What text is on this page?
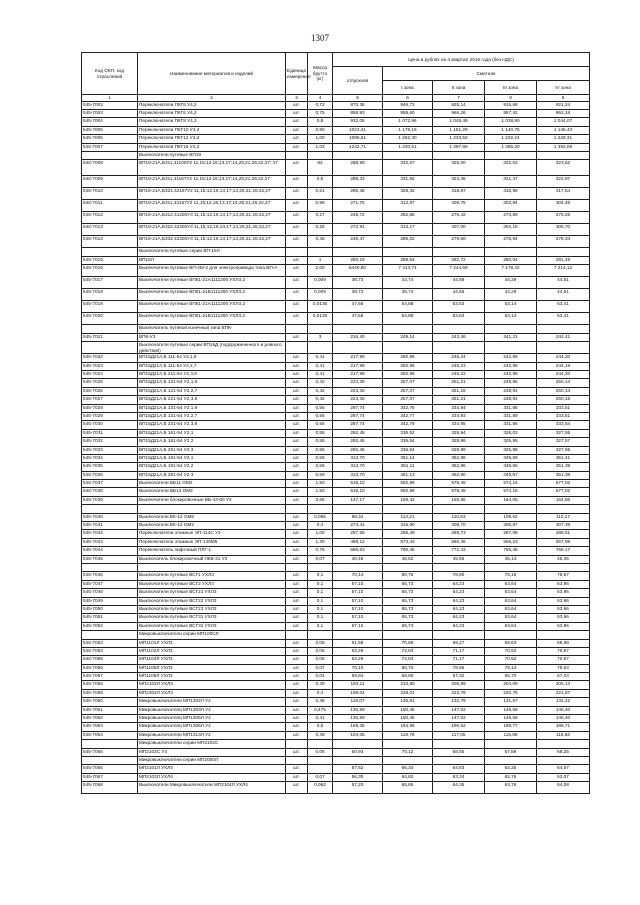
1307
Код ОКП, код отраслевой	Наименование материалов и изделий	Единица измерения	Масса брутто (кг)	Цена в рублях на 4 квартал 2015 года (без НДС)				
				отпускная	Сметная			
					I зона	II зона	III зона	IV зона
1	2	3	4	5	6	7	8	9
545-7002	Переключатели ПКГ6 У4,2	шт.	0,72	870,38	946,73	925,14	915,68	921,24
545-7003	Переключатели ПКГ6 У4,2	шт.	0,75	858,93	958,60	966,26	957,42	962,18
545-7004	Переключатели ПКГ8 У4,2	шт.	0,8	932,05	1 072,96	1 048,49	1 038,90	1 044,07
545-7005	Переключатели ПКГ10 У4,2	шт.	0,90	1023,41	1 178,15	1 151,29	1 140,75	1 146,43
545-7006	Переключатели ПКГ12 У4,2	шт.	1,00	1096,51	1 262,30	1 233,52	1 222,24	1 228,31
545-7007	Переключатели ПКГ16 У4,2	шт.	1,03	1242,71	1 430,61	1 397,89	1 385,20	1 392,09
	Выключатели путевые ВП19							
545-7008	ВП19-21А,Б311,41100У2 11,15;12,16;13,17;14,25;21,26;22,27; 37	шт.	82	288,90	332,57	325,00	322,02	323,62
545-7009	ВП19-21А,Б311,41167У2 11,15;12,16;13,17;14,25;21,26;22,27	шт.	0,5	288,33	331,92	324,35	321,37	322,97
545-7010	ВП19-21А,Б321,42167У2 11,15;12,16;13,17;14,25;21,26;22,27	шт.	0,51	285,48	328,32	318,87	316,96	317,54
545-7011	ВП19-21А,Б311,43167У2 11,15;12,16;13,17;14,25;21,26;22,27	шт.	0,98	271,76	312,87	305,75	302,94	304,45
545-7012	ВП19-21А,Б312,41200У3 11,15;12,16;13,17;14,25;21,26;22,27	шт.	0,27	245,72	282,86	276,42	273,89	275,25
545-7013	ВП19-21А,Б322,42200У3 11,15;12,16;13,17;14,25;21,26;22,27	шт.	0,28	272,91	314,17	307,00	304,19	305,70
545-7014	ВП19-21А,Б332,42200У3 11,15;12,16;13,17;14,25;21,26;22,27	шт.	0,35	248,47	286,02	279,50	276,94	278,33
	Выключатели путевые серии ВП-16Л							
545-7015	ВП16Л	шт.	1	250,19	288,64	282,72	280,04	281,49
545-7016	Выключатели путевые ВП-4М-2 для электропривода типа ВП-А	шт.	2,00	6440,80	7 413,74	7 244,69	7 178,42	7 214,12
545-7017	Выключатели путевые ВП61-21А1111200 УХЛ3,2	шт.	0,009	38,73	43,74	44,89	44,29	44,51
545-7018	Выключатели путевые ВП61-21Б1111200 УХЛ3,2	шт.	0,009	39,73	45,74	44,66	44,29	44,51
545-7019	Выключатели путевые ВП61-21А1111200 УХЛ3,2	шт.	0,0135	47,68	54,88	53,63	53,14	53,41
545-7020	Выключатели путевые ВП61-21Б1111200 УХЛ3,2	шт.	0,0135	47,68	54,88	53,63	53,14	53,41
	Выключатель путевой конечный типа ВПК-							
545-7021	ВПК-У3	шт.	3	216,40	249,14	243,46	241,21	242,41
	Выключатели путевые серии ВП15Д (подпружиненного и ровного действия)							
545-7022	ВП15Д21А,Б 111-54 У2,1,6	шт.	0,41	217,99	250,96	245,24	242,99	244,20
545-7023	ВП15Д21А,Б 111-54 У2,2,7	шт.	0,41	217,99	250,96	245,23	242,99	244,18
545-7024	ВП15Д21А,Б 211-54 У2,3,8	шт.	0,41	217,99	250,96	245,22	242,98	244,20
545-7025	ВП15Д21А,Б 121-54 У2,1,6	шт.	0,42	223,39	257,07	251,21	248,85	250,14
545-7026	ВП15Д21А,Б 121-54 У2,2,7	шт.	0,42	223,30	257,07	251,18	248,91	250,13
545-7027	ВП15Д21А,Б 221-54 У2,3,8	шт.	0,42	223,30	257,07	251,21	248,91	250,15
545-7028	ВП15Д21А,Б 131-54 У2,1,6	шт.	0,56	297,74	342,76	334,94	331,88	333,51
545-7029	ВП15Д21А,Б 131-54 У2,2,7	шт.	0,56	297,74	342,77	334,93	331,89	333,51
545-7030	ВП15Д21А,Б 231-54 У2,3,8	шт.	0,56	297,74	342,79	334,95	331,86	333,54
545-7031	ВП15Д21А,Б 161-54 У2,1	шт.	0,55	292,45	336,52	328,94	326,03	327,55
545-7032	ВП15Д21А,Б 161-54 У2,2	шт.	0,55	292,45	336,54	328,96	325,95	327,57
545-7033	ВП15Д21А,Б 261-54 У2,3	шт.	0,55	292,45	336,54	328,99	325,98	327,55
545-7034	ВП15Д21А,Б 191-54 У2,1	шт.	0,59	313,70	361,14	352,88	349,69	351,41
545-7035	ВП15Д21А,Б 191-54 У2,2	шт.	0,59	313,70	361,11	352,86	349,65	351,39
545-7036	ВП15Д21А,Б 291-54 У2,3	шт.	0,59	313,70	361,13	352,90	349,67	351,38
545-7037	Выключатели ВБ11 ОМ2	шт.	1,50	515,10	592,98	579,46	574,16	577,02
545-7038	Выключатели ВБ12 ОМ2	шт.	1,50	515,10	592,98	579,46	574,16	577,02
545-7039	Выключатели блокировочные ВБ-43-00 У3	шт.	3,65	147,17	169,42	165,56	164,05	164,86

545-7040	Выключатели ВК-12 ОМ5	шт.	0,055	98,34	113,21	110,63	109,62	110,17
545-7041	Выключатели ВК-12 ОМ2	шт.	0,4	274,41	315,90	308,70	305,87	307,39
545-7042	Переключатели этажные ЭП-114С У2	шт.	1,00	257,55	296,49	289,73	287,08	288,51
545-7043	Переключатели этажные ЭП-130М5	шт.	1,30	498,12	573,43	560,36	555,23	557,99
545-7044	Переключатель лифтовый ПЛГ-1	шт.	0,75	686,63	790,45	772,43	765,36	769,17
545-7045	Выключатель блокировочный ЛКБ-31 У3	шт.	0,07	40,49	46,62	45,55	45,14	45,36

545-7046	Выключатели путевые ВСГ1 УХЛ3	шт.	0,1	70,14	80,75	78,90	78,18	78,57
545-7047	Выключатели путевые ВСГ2 УХЛ3	шт.	0,1	57,10	65,73	64,23	63,64	63,96
545-7048	Выключатели путевые ВСГ21 УХЛ3	шт.	0,1	57,10	65,73	64,23	63,64	63,96
545-7049	Выключатели путевые ВСГ22 УХЛ3	шт.	0,1	57,10	65,73	64,23	63,64	63,96
545-7050	Выключатели путевые ВСГ23 УХЛ3	шт.	0,1	57,10	65,73	64,23	63,64	63,96
545-7051	Выключатели путевые ВСГ31 УХЛ3	шт.	0,1	57,10	65,73	64,23	63,64	63,96
545-7052	Выключатели путевые ВСГ32 УХЛ3	шт.	0,1	57,10	65,73	64,23	63,64	63,96
	Микровыключатели серии МП100СЛ							
545-7053	МП1101Л УХЛ3	шт.	0,05	61,58	70,89	69,27	68,63	68,98
545-7054	МП1102Л УХЛ3	шт.	0,06	63,26	72,83	71,17	70,52	70,87
545-7055	МП1104Л УХЛ3	шт.	0,06	63,26	72,83	71,17	70,52	70,87
545-7056	МП1105Л УХЛ3	шт.	0,07	70,10	80,70	78,86	78,14	78,53
545-7057	МП1106Л УХЛ3	шт.	0,04	59,84	68,89	67,32	66,70	67,03
545-7058	МП2102Л УХЛ3	шт.	0,39	183,11	210,80	205,99	204,09	205,13
545-7059	МП2302Л УХЛ3	шт.	0,4	198,04	228,01	222,79	220,76	221,87
545-7060	Микровыключатели МП1302Л У2	шт.	0,38	118,07	135,91	132,79	131,57	132,22
545-7061	Микровыключатели МП1303Л У2	шт.	0,475	130,69	150,45	147,02	145,68	146,40
545-7062	Микровыключатели МП1305Л У2	шт.	0,41	130,69	150,45	147,02	145,68	146,40
545-7063	Микровыключатели МП1306Л У2	шт.	0,5	169,35	194,96	190,52	188,77	189,71
545-7064	Микровыключатели МП1313Л У2	шт.	0,39	104,05	119,78	117,05	115,98	116,56
	Микровыключатели серии МП2102С							
545-7065	МП2102С У3	шт.	0,06	60,93	70,12	68,55	67,89	68,25
	Микровыключатели серии МП2000Л							
545-7066	МП2101Л УХЛ4	шт.		57,62	66,34	64,83	64,25	64,57
545-7067	МП2102Л УХЛ4	шт.	0,07	56,30	64,82	63,34	62,76	63,07
545-7068	Выключатели Микровыключатели МП2104Л УХЛ4	шт.	0,062	57,20	65,85	64,35	63,76	64,08
